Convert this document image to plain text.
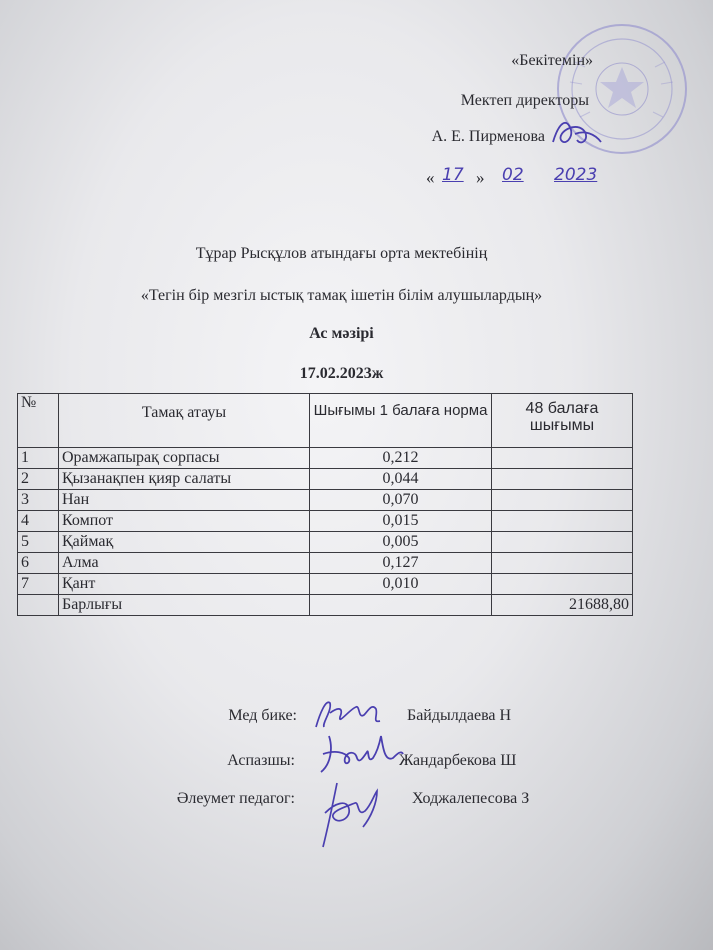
«Бекітемін»
Мектеп директоры
А. Е. Пирменова
« 17 » 02 2023
Тұрар Рысқұлов атындағы орта мектебінің
«Тегін бір мезгіл ыстық тамақ ішетін білім алушылардың»
Ас мәзірі
17.02.2023ж
№	Тамақ атауы	Шығымы 1 балаға норма	48 балаға шығымы
1	Орамжапырақ сорпасы	0,212	
2	Қызанақпен қияр салаты	0,044	
3	Нан	0,070	
4	Компот	0,015	
5	Қаймақ	0,005	
6	Алма	0,127	
7	Қант	0,010	
	Барлығы		21688,80
Мед бике:	Байдылдаева Н
Аспазшы:	Жандарбекова Ш
Әлеумет педагог:	Ходжалепесова З
